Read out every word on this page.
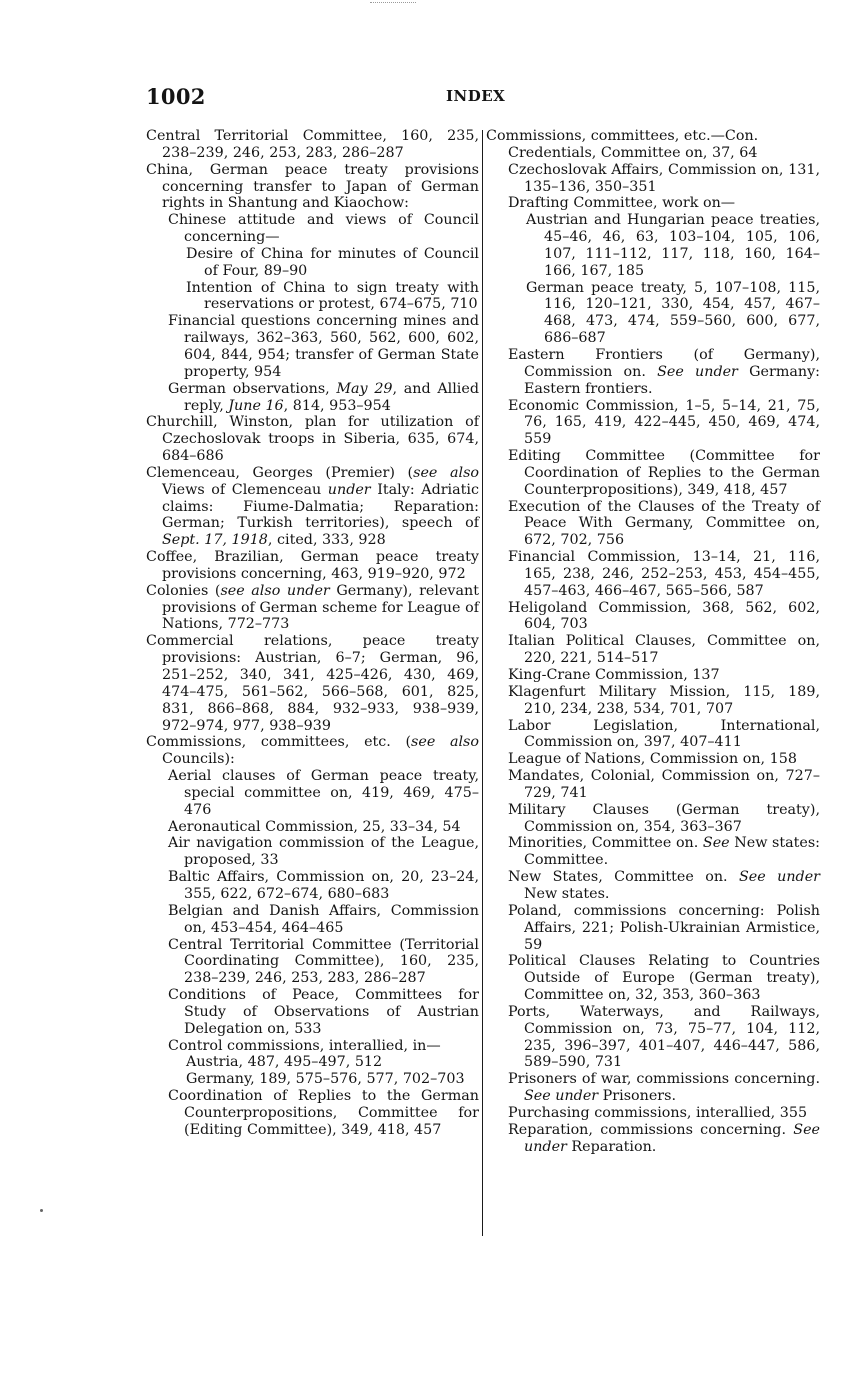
1002	INDEX
Central Territorial Committee, 160, 235, 238–239, 246, 253, 283, 286–287
China, German peace treaty provisions concerning transfer to Japan of German rights in Shantung and Kiaochow:
Chinese attitude and views of Council concerning—
Desire of China for minutes of Council of Four, 89–90
Intention of China to sign treaty with reservations or protest, 674–675, 710
Financial questions concerning mines and railways, 362–363, 560, 562, 600, 602, 604, 844, 954; transfer of German State property, 954
German observations, May 29, and Allied reply, June 16, 814, 953–954
Churchill, Winston, plan for utilization of Czechoslovak troops in Siberia, 635, 674, 684–686
Clemenceau, Georges (Premier) (see also Views of Clemenceau under Italy: Adriatic claims: Fiume-Dalmatia; Reparation: German; Turkish territories), speech of Sept. 17, 1918, cited, 333, 928
Coffee, Brazilian, German peace treaty provisions concerning, 463, 919–920, 972
Colonies (see also under Germany), relevant provisions of German scheme for League of Nations, 772–773
Commercial relations, peace treaty provisions: Austrian, 6–7; German, 96, 251–252, 340, 341, 425–426, 430, 469, 474–475, 561–562, 566–568, 601, 825, 831, 866–868, 884, 932–933, 938–939, 972–974, 977, 938–939
Commissions, committees, etc. (see also Councils):
Aerial clauses of German peace treaty, special committee on, 419, 469, 475–476
Aeronautical Commission, 25, 33–34, 54
Air navigation commission of the League, proposed, 33
Baltic Affairs, Commission on, 20, 23–24, 355, 622, 672–674, 680–683
Belgian and Danish Affairs, Commission on, 453–454, 464–465
Central Territorial Committee (Territorial Coordinating Committee), 160, 235, 238–239, 246, 253, 283, 286–287
Conditions of Peace, Committees for Study of Observations of Austrian Delegation on, 533
Control commissions, interallied, in—
Austria, 487, 495–497, 512
Germany, 189, 575–576, 577, 702–703
Coordination of Replies to the German Counterpropositions, Committee for (Editing Committee), 349, 418, 457
Commissions, committees, etc.—Con.
Credentials, Committee on, 37, 64
Czechoslovak Affairs, Commission on, 131, 135–136, 350–351
Drafting Committee, work on—
Austrian and Hungarian peace treaties, 45–46, 46, 63, 103–104, 105, 106, 107, 111–112, 117, 118, 160, 164–166, 167, 185
German peace treaty, 5, 107–108, 115, 116, 120–121, 330, 454, 457, 467–468, 473, 474, 559–560, 600, 677, 686–687
Eastern Frontiers (of Germany), Commission on. See under Germany: Eastern frontiers.
Economic Commission, 1–5, 5–14, 21, 75, 76, 165, 419, 422–445, 450, 469, 474, 559
Editing Committee (Committee for Coordination of Replies to the German Counterpropositions), 349, 418, 457
Execution of the Clauses of the Treaty of Peace With Germany, Committee on, 672, 702, 756
Financial Commission, 13–14, 21, 116, 165, 238, 246, 252–253, 453, 454–455, 457–463, 466–467, 565–566, 587
Heligoland Commission, 368, 562, 602, 604, 703
Italian Political Clauses, Committee on, 220, 221, 514–517
King-Crane Commission, 137
Klagenfurt Military Mission, 115, 189, 210, 234, 238, 534, 701, 707
Labor Legislation, International, Commission on, 397, 407–411
League of Nations, Commission on, 158
Mandates, Colonial, Commission on, 727–729, 741
Military Clauses (German treaty), Commission on, 354, 363–367
Minorities, Committee on. See New states: Committee.
New States, Committee on. See under New states.
Poland, commissions concerning: Polish Affairs, 221; Polish-Ukrainian Armistice, 59
Political Clauses Relating to Countries Outside of Europe (German treaty), Committee on, 32, 353, 360–363
Ports, Waterways, and Railways, Commission on, 73, 75–77, 104, 112, 235, 396–397, 401–407, 446–447, 586, 589–590, 731
Prisoners of war, commissions concerning. See under Prisoners.
Purchasing commissions, interallied, 355
Reparation, commissions concerning. See under Reparation.
